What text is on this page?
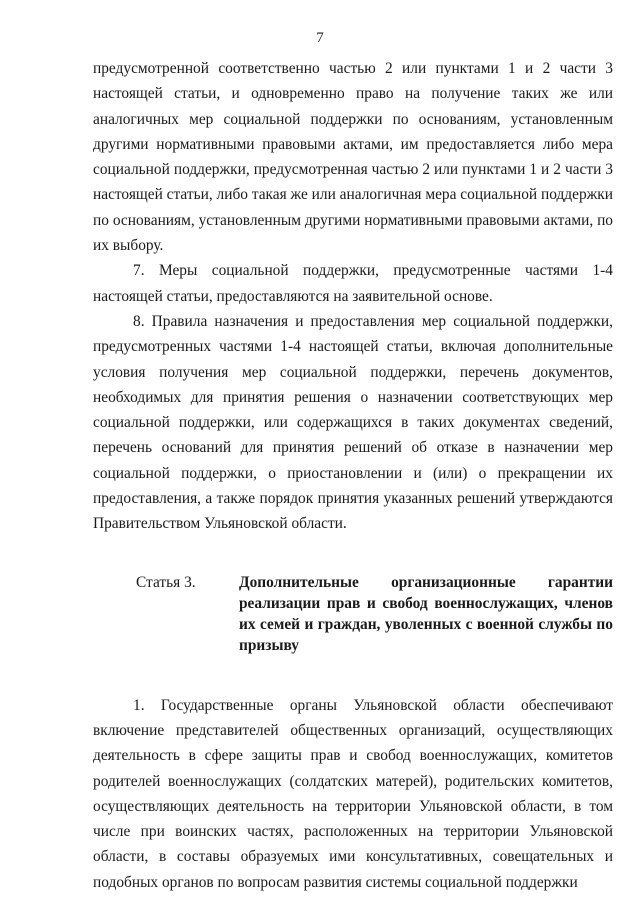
7

предусмотренной соответственно частью 2 или пунктами 1 и 2 части 3 настоящей статьи, и одновременно право на получение таких же или аналогичных мер социальной поддержки по основаниям, установленным другими нормативными правовыми актами, им предоставляется либо мера социальной поддержки, предусмотренная частью 2 или пунктами 1 и 2 части 3 настоящей статьи, либо такая же или аналогичная мера социальной поддержки по основаниям, установленным другими нормативными правовыми актами, по их выбору.

7. Меры социальной поддержки, предусмотренные частями 1-4 настоящей статьи, предоставляются на заявительной основе.

8. Правила назначения и предоставления мер социальной поддержки, предусмотренных частями 1-4 настоящей статьи, включая дополнительные условия получения мер социальной поддержки, перечень документов, необходимых для принятия решения о назначении соответствующих мер социальной поддержки, или содержащихся в таких документах сведений, перечень оснований для принятия решений об отказе в назначении мер социальной поддержки, о приостановлении и (или) о прекращении их предоставления, а также порядок принятия указанных решений утверждаются Правительством Ульяновской области.

Статья 3.	Дополнительные организационные гарантии реализации прав и свобод военнослужащих, членов их семей и граждан, уволенных с военной службы по призыву

1. Государственные органы Ульяновской области обеспечивают включение представителей общественных организаций, осуществляющих деятельность в сфере защиты прав и свобод военнослужащих, комитетов родителей военнослужащих (солдатских матерей), родительских комитетов, осуществляющих деятельность на территории Ульяновской области, в том числе при воинских частях, расположенных на территории Ульяновской области, в составы образуемых ими консультативных, совещательных и подобных органов по вопросам развития системы социальной поддержки
